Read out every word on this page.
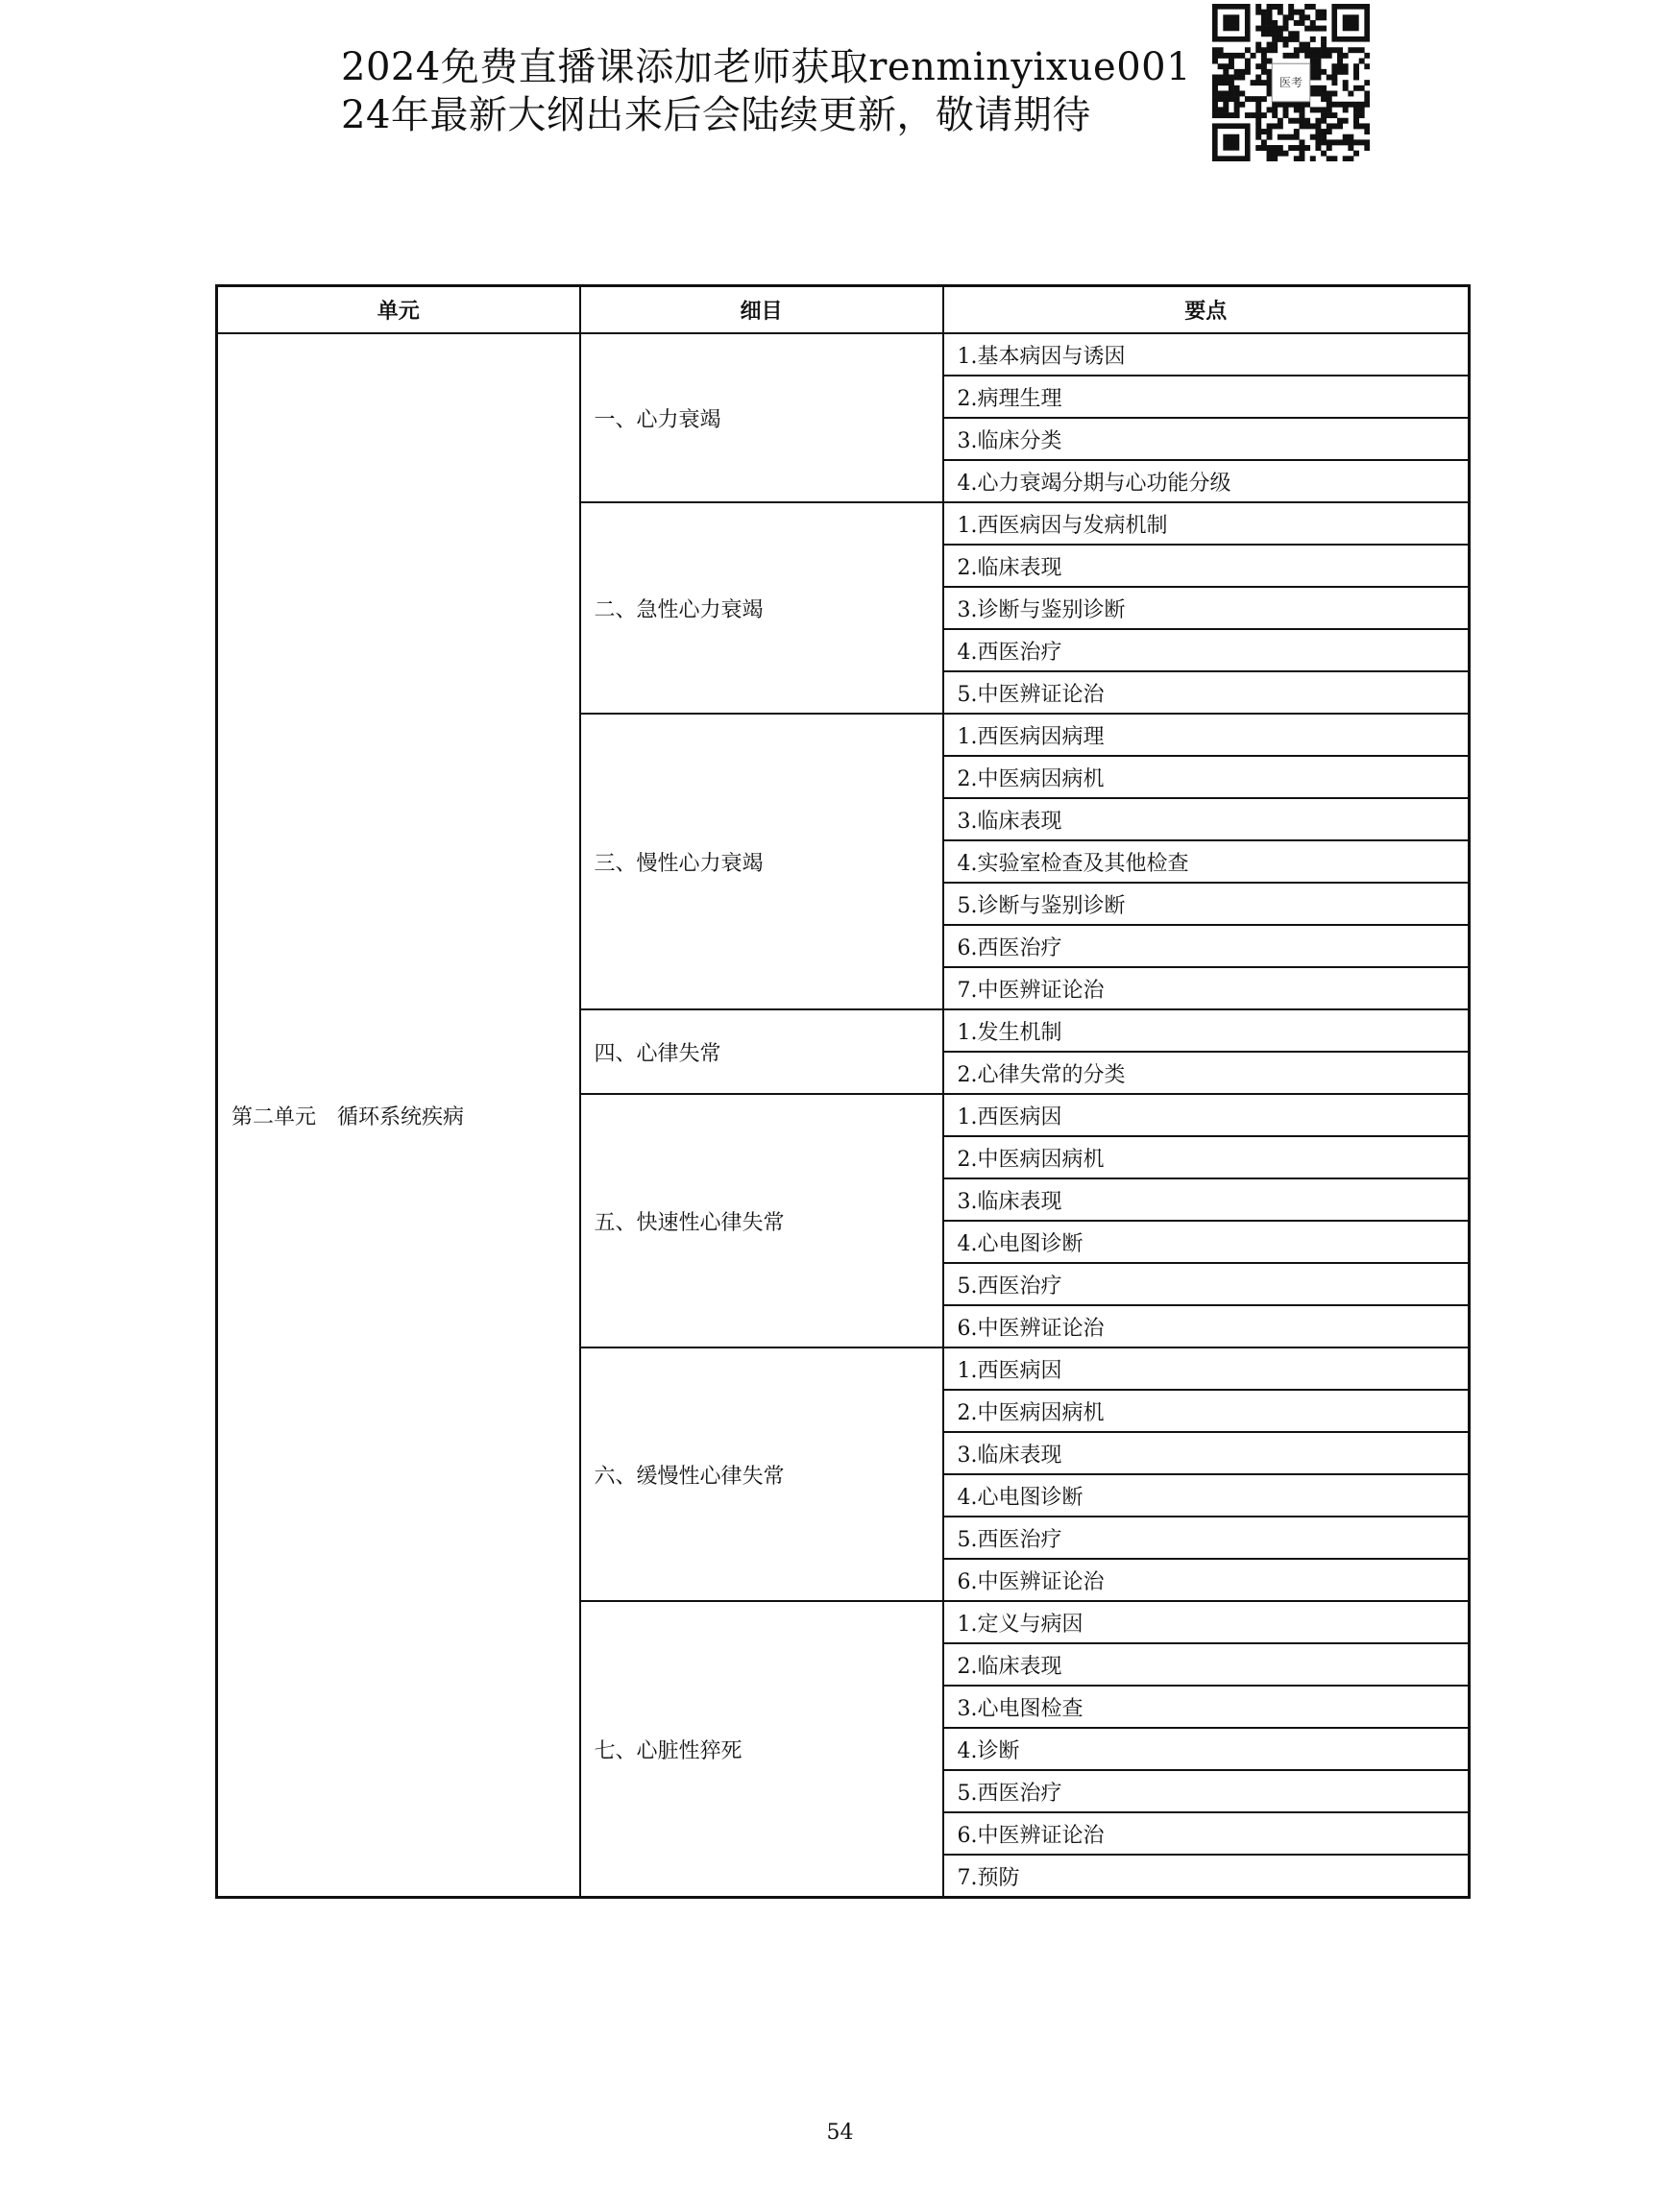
2024免费直播课添加老师获取renminyixue001
24年最新大纲出来后会陆续更新，敬请期待
医考
单元	细目	要点
第二单元　循环系统疾病	一、心力衰竭	1.基本病因与诱因
		2.病理生理
		3.临床分类
		4.心力衰竭分期与心功能分级
	二、急性心力衰竭	1.西医病因与发病机制
		2.临床表现
		3.诊断与鉴别诊断
		4.西医治疗
		5.中医辨证论治
	三、慢性心力衰竭	1.西医病因病理
		2.中医病因病机
		3.临床表现
		4.实验室检查及其他检查
		5.诊断与鉴别诊断
		6.西医治疗
		7.中医辨证论治
	四、心律失常	1.发生机制
		2.心律失常的分类
	五、快速性心律失常	1.西医病因
		2.中医病因病机
		3.临床表现
		4.心电图诊断
		5.西医治疗
		6.中医辨证论治
	六、缓慢性心律失常	1.西医病因
		2.中医病因病机
		3.临床表现
		4.心电图诊断
		5.西医治疗
		6.中医辨证论治
	七、心脏性猝死	1.定义与病因
		2.临床表现
		3.心电图检查
		4.诊断
		5.西医治疗
		6.中医辨证论治
		7.预防
54
